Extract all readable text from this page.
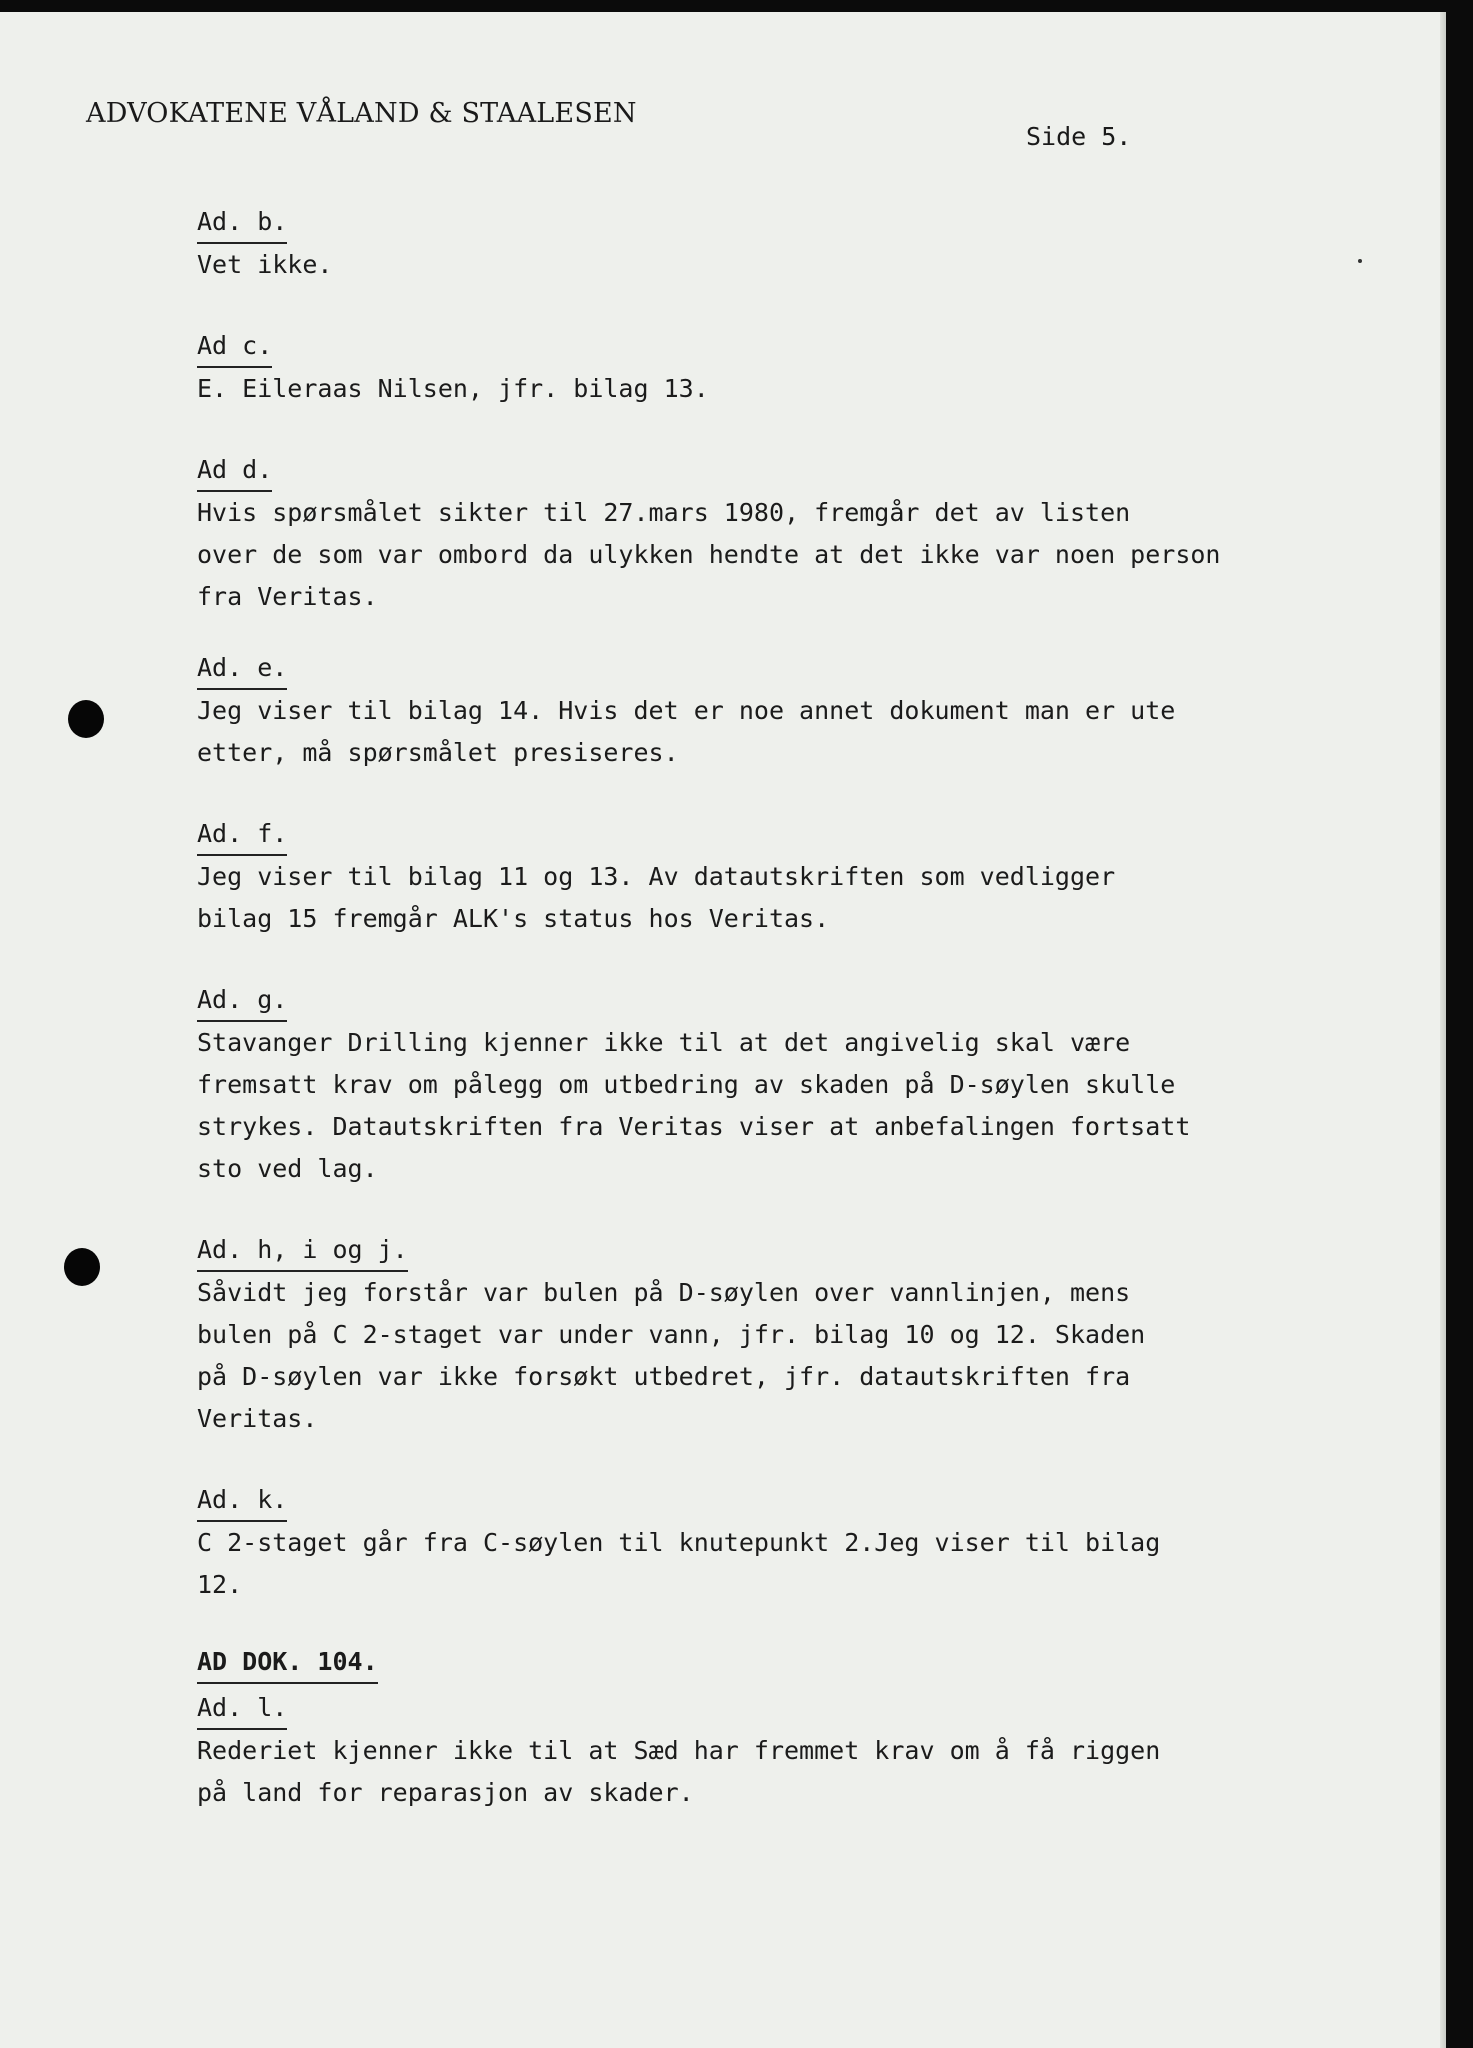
ADVOKATENE VÅLAND & STAALESEN
Side 5.
Ad. b.
Vet ikke.
Ad c.
E. Eileraas Nilsen, jfr. bilag 13.
Ad d.
Hvis spørsmålet sikter til 27.mars 1980, fremgår det av listen
over de som var ombord da ulykken hendte at det ikke var noen person
fra Veritas.
Ad. e.
Jeg viser til bilag 14. Hvis det er noe annet dokument man er ute
etter, må spørsmålet presiseres.
Ad. f.
Jeg viser til bilag 11 og 13. Av datautskriften som vedligger
bilag 15 fremgår ALK's status hos Veritas.
Ad. g.
Stavanger Drilling kjenner ikke til at det angivelig skal være
fremsatt krav om pålegg om utbedring av skaden på D-søylen skulle
strykes. Datautskriften fra Veritas viser at anbefalingen fortsatt
sto ved lag.
Ad. h, i og j.
Såvidt jeg forstår var bulen på D-søylen over vannlinjen, mens
bulen på C 2-staget var under vann, jfr. bilag 10 og 12. Skaden
på D-søylen var ikke forsøkt utbedret, jfr. datautskriften fra
Veritas.
Ad. k.
C 2-staget går fra C-søylen til knutepunkt 2.Jeg viser til bilag
12.
AD DOK. 104.
Ad. l.
Rederiet kjenner ikke til at Sæd har fremmet krav om å få riggen
på land for reparasjon av skader.
